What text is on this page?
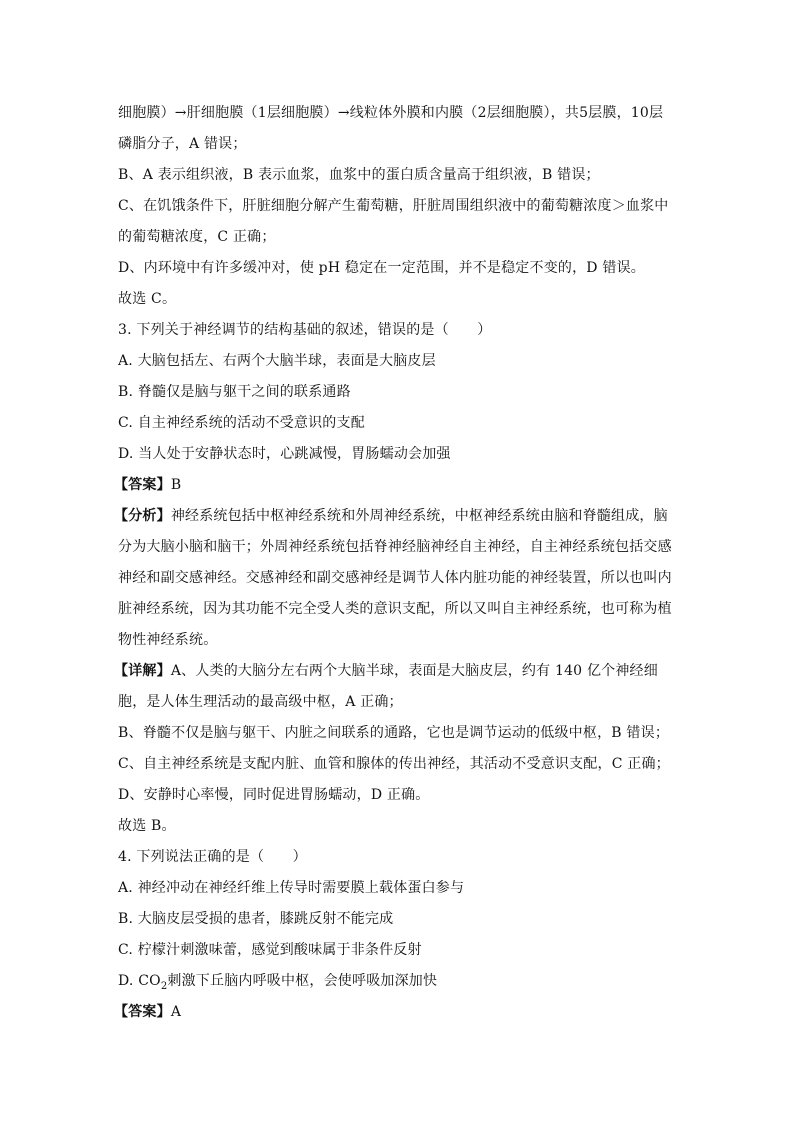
细胞膜）→肝细胞膜（1层细胞膜）→线粒体外膜和内膜（2层细胞膜），共5层膜，10层
磷脂分子，A 错误；
B、A 表示组织液，B 表示血浆，血浆中的蛋白质含量高于组织液，B 错误；
C、在饥饿条件下，肝脏细胞分解产生葡萄糖，肝脏周围组织液中的葡萄糖浓度＞血浆中
的葡萄糖浓度，C 正确；
D、内环境中有许多缓冲对，使 pH 稳定在一定范围，并不是稳定不变的，D 错误。
故选 C。
3. 下列关于神经调节的结构基础的叙述，错误的是（　　）
A. 大脑包括左、右两个大脑半球，表面是大脑皮层
B. 脊髓仅是脑与躯干之间的联系通路
C. 自主神经系统的活动不受意识的支配
D. 当人处于安静状态时，心跳减慢，胃肠蠕动会加强
【答案】B
【分析】神经系统包括中枢神经系统和外周神经系统，中枢神经系统由脑和脊髓组成，脑
分为大脑小脑和脑干；外周神经系统包括脊神经脑神经自主神经，自主神经系统包括交感
神经和副交感神经。交感神经和副交感神经是调节人体内脏功能的神经装置，所以也叫内
脏神经系统，因为其功能不完全受人类的意识支配，所以又叫自主神经系统，也可称为植
物性神经系统。
【详解】A、人类的大脑分左右两个大脑半球，表面是大脑皮层，约有 140 亿个神经细
胞，是人体生理活动的最高级中枢，A 正确；
B、脊髓不仅是脑与躯干、内脏之间联系的通路，它也是调节运动的低级中枢，B 错误；
C、自主神经系统是支配内脏、血管和腺体的传出神经，其活动不受意识支配，C 正确；
D、安静时心率慢，同时促进胃肠蠕动，D 正确。
故选 B。
4. 下列说法正确的是（　　）
A. 神经冲动在神经纤维上传导时需要膜上载体蛋白参与
B. 大脑皮层受损的患者，膝跳反射不能完成
C. 柠檬汁刺激味蕾，感觉到酸味属于非条件反射
D. $CO_2$刺激下丘脑内呼吸中枢，会使呼吸加深加快
【答案】A
